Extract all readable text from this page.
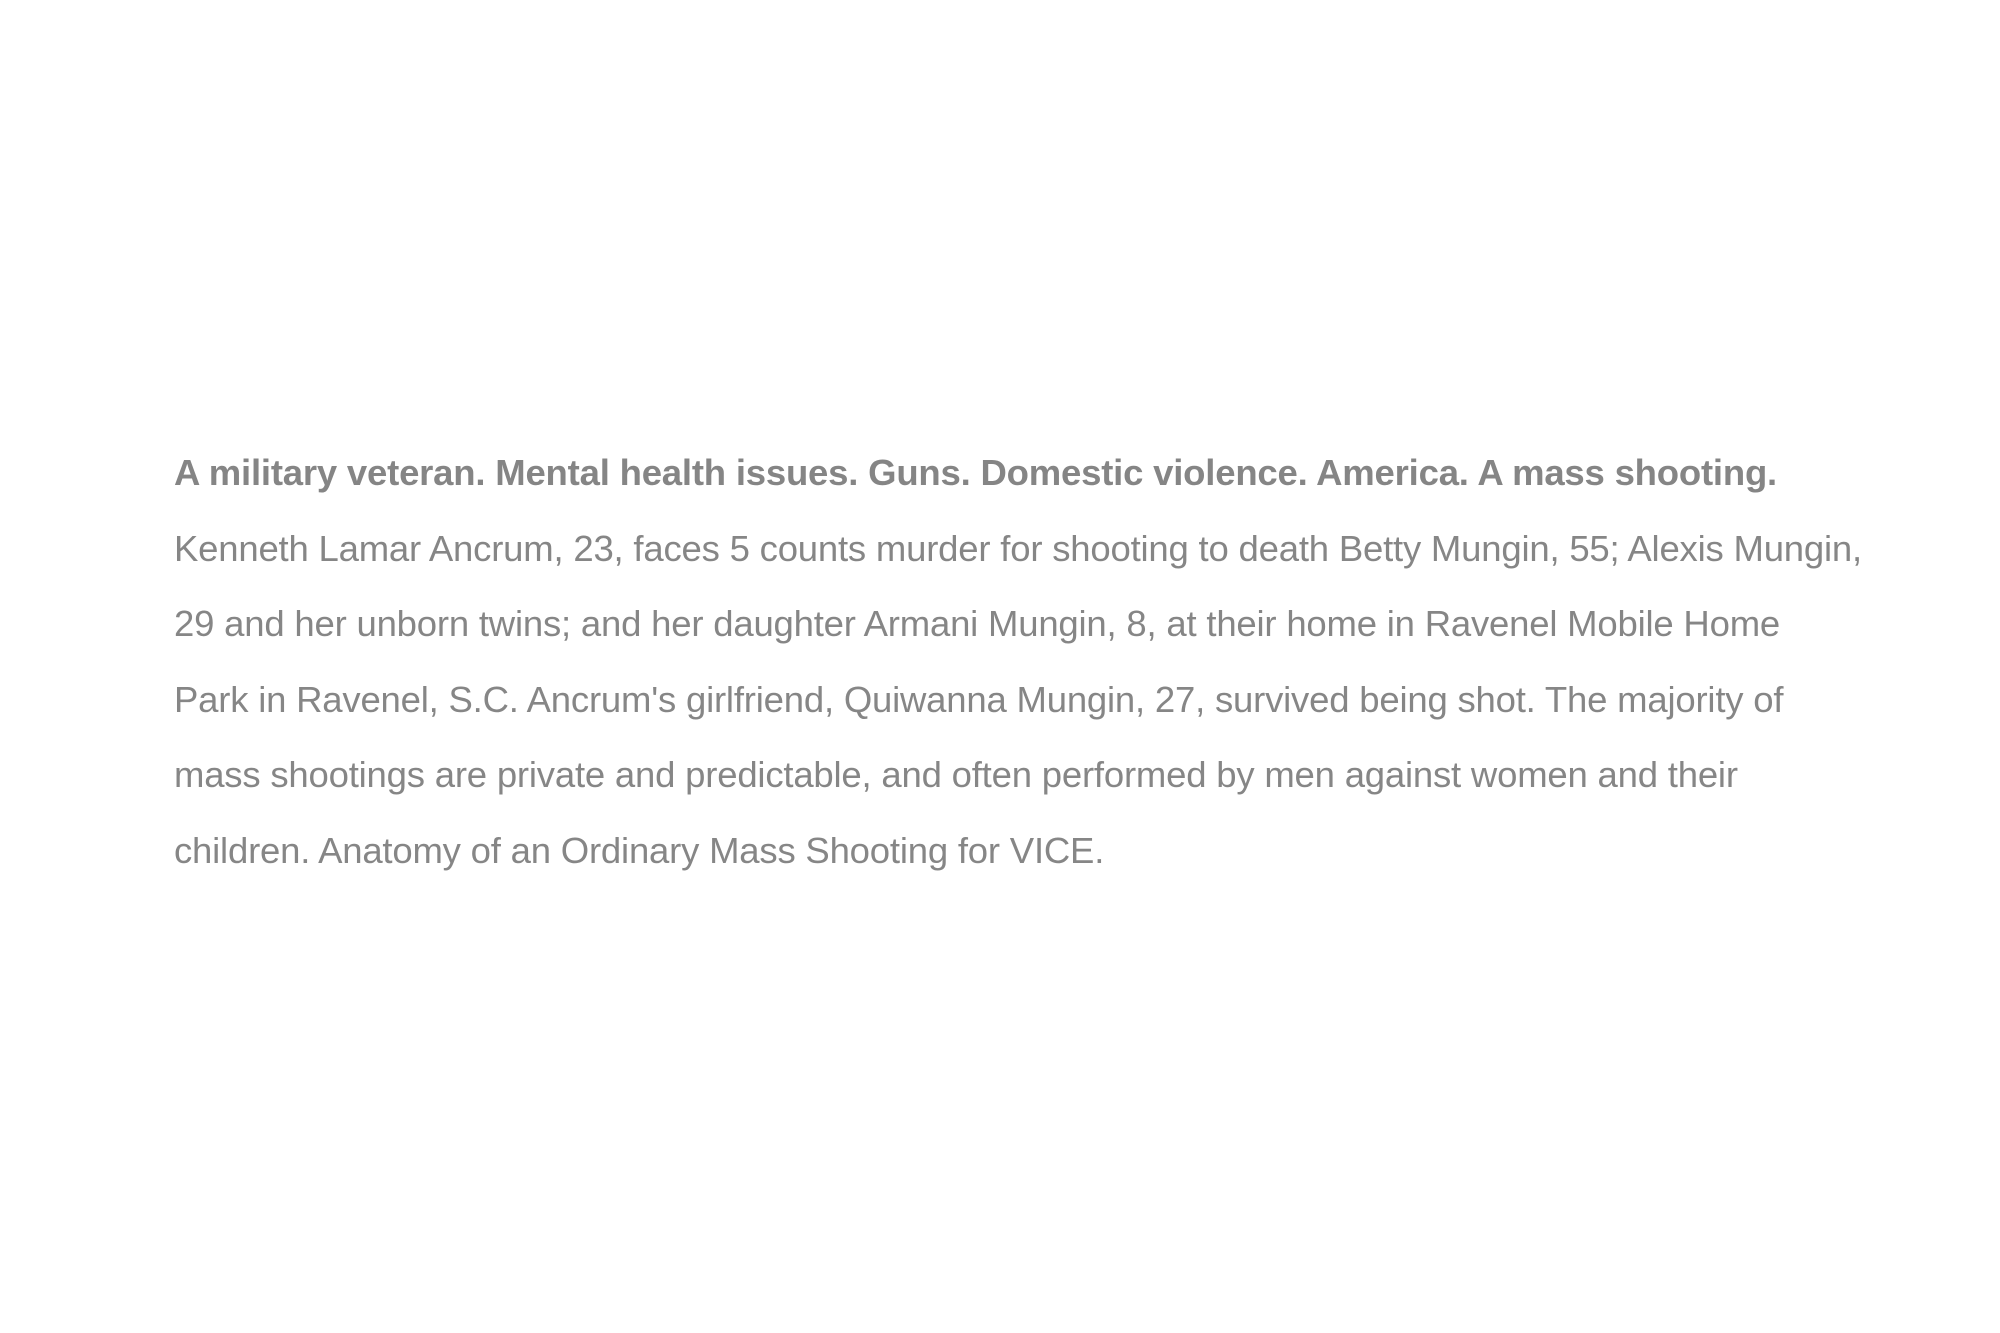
A military veteran. Mental health issues. Guns. Domestic violence. America. A mass shooting.

Kenneth Lamar Ancrum, 23, faces 5 counts murder for shooting to death Betty Mungin, 55; Alexis Mungin, 29 and her unborn twins; and her daughter Armani Mungin, 8, at their home in Ravenel Mobile Home Park in Ravenel, S.C. Ancrum's girlfriend, Quiwanna Mungin, 27, survived being shot. The majority of mass shootings are private and predictable, and often performed by men against women and their children. Anatomy of an Ordinary Mass Shooting for VICE.
